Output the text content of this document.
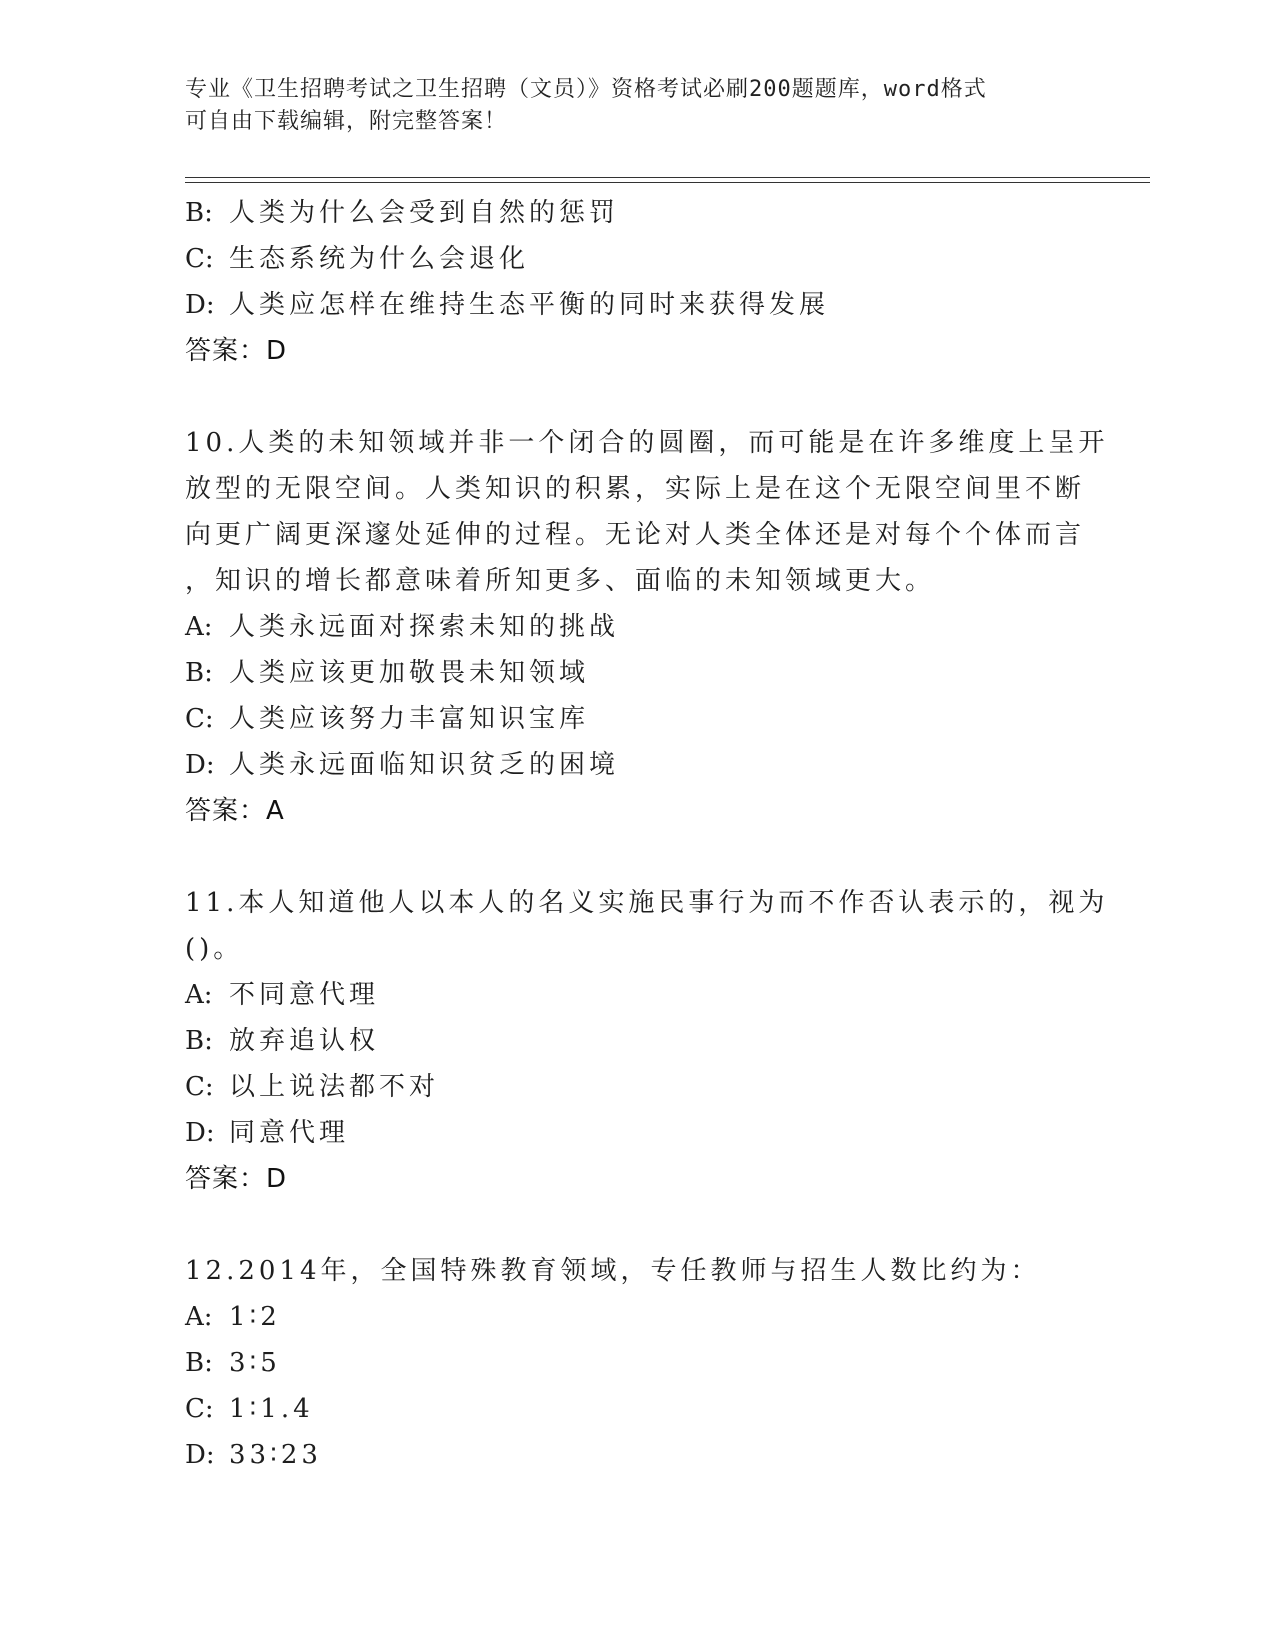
专业《卫生招聘考试之卫生招聘（文员）》资格考试必刷200题题库，word格式
可自由下载编辑，附完整答案！
B: 人类为什么会受到自然的惩罚
C: 生态系统为什么会退化
D: 人类应怎样在维持生态平衡的同时来获得发展
答案：D
10.人类的未知领域并非一个闭合的圆圈，而可能是在许多维度上呈开
放型的无限空间。人类知识的积累，实际上是在这个无限空间里不断
向更广阔更深邃处延伸的过程。无论对人类全体还是对每个个体而言
，知识的增长都意味着所知更多、面临的未知领域更大。
A: 人类永远面对探索未知的挑战
B: 人类应该更加敬畏未知领域
C: 人类应该努力丰富知识宝库
D: 人类永远面临知识贫乏的困境
答案：A
11.本人知道他人以本人的名义实施民事行为而不作否认表示的，视为
()。
A: 不同意代理
B: 放弃追认权
C: 以上说法都不对
D: 同意代理
答案：D
12.2014年，全国特殊教育领域，专任教师与招生人数比约为：
A: 1∶2
B: 3∶5
C: 1∶1.4
D: 33∶23
